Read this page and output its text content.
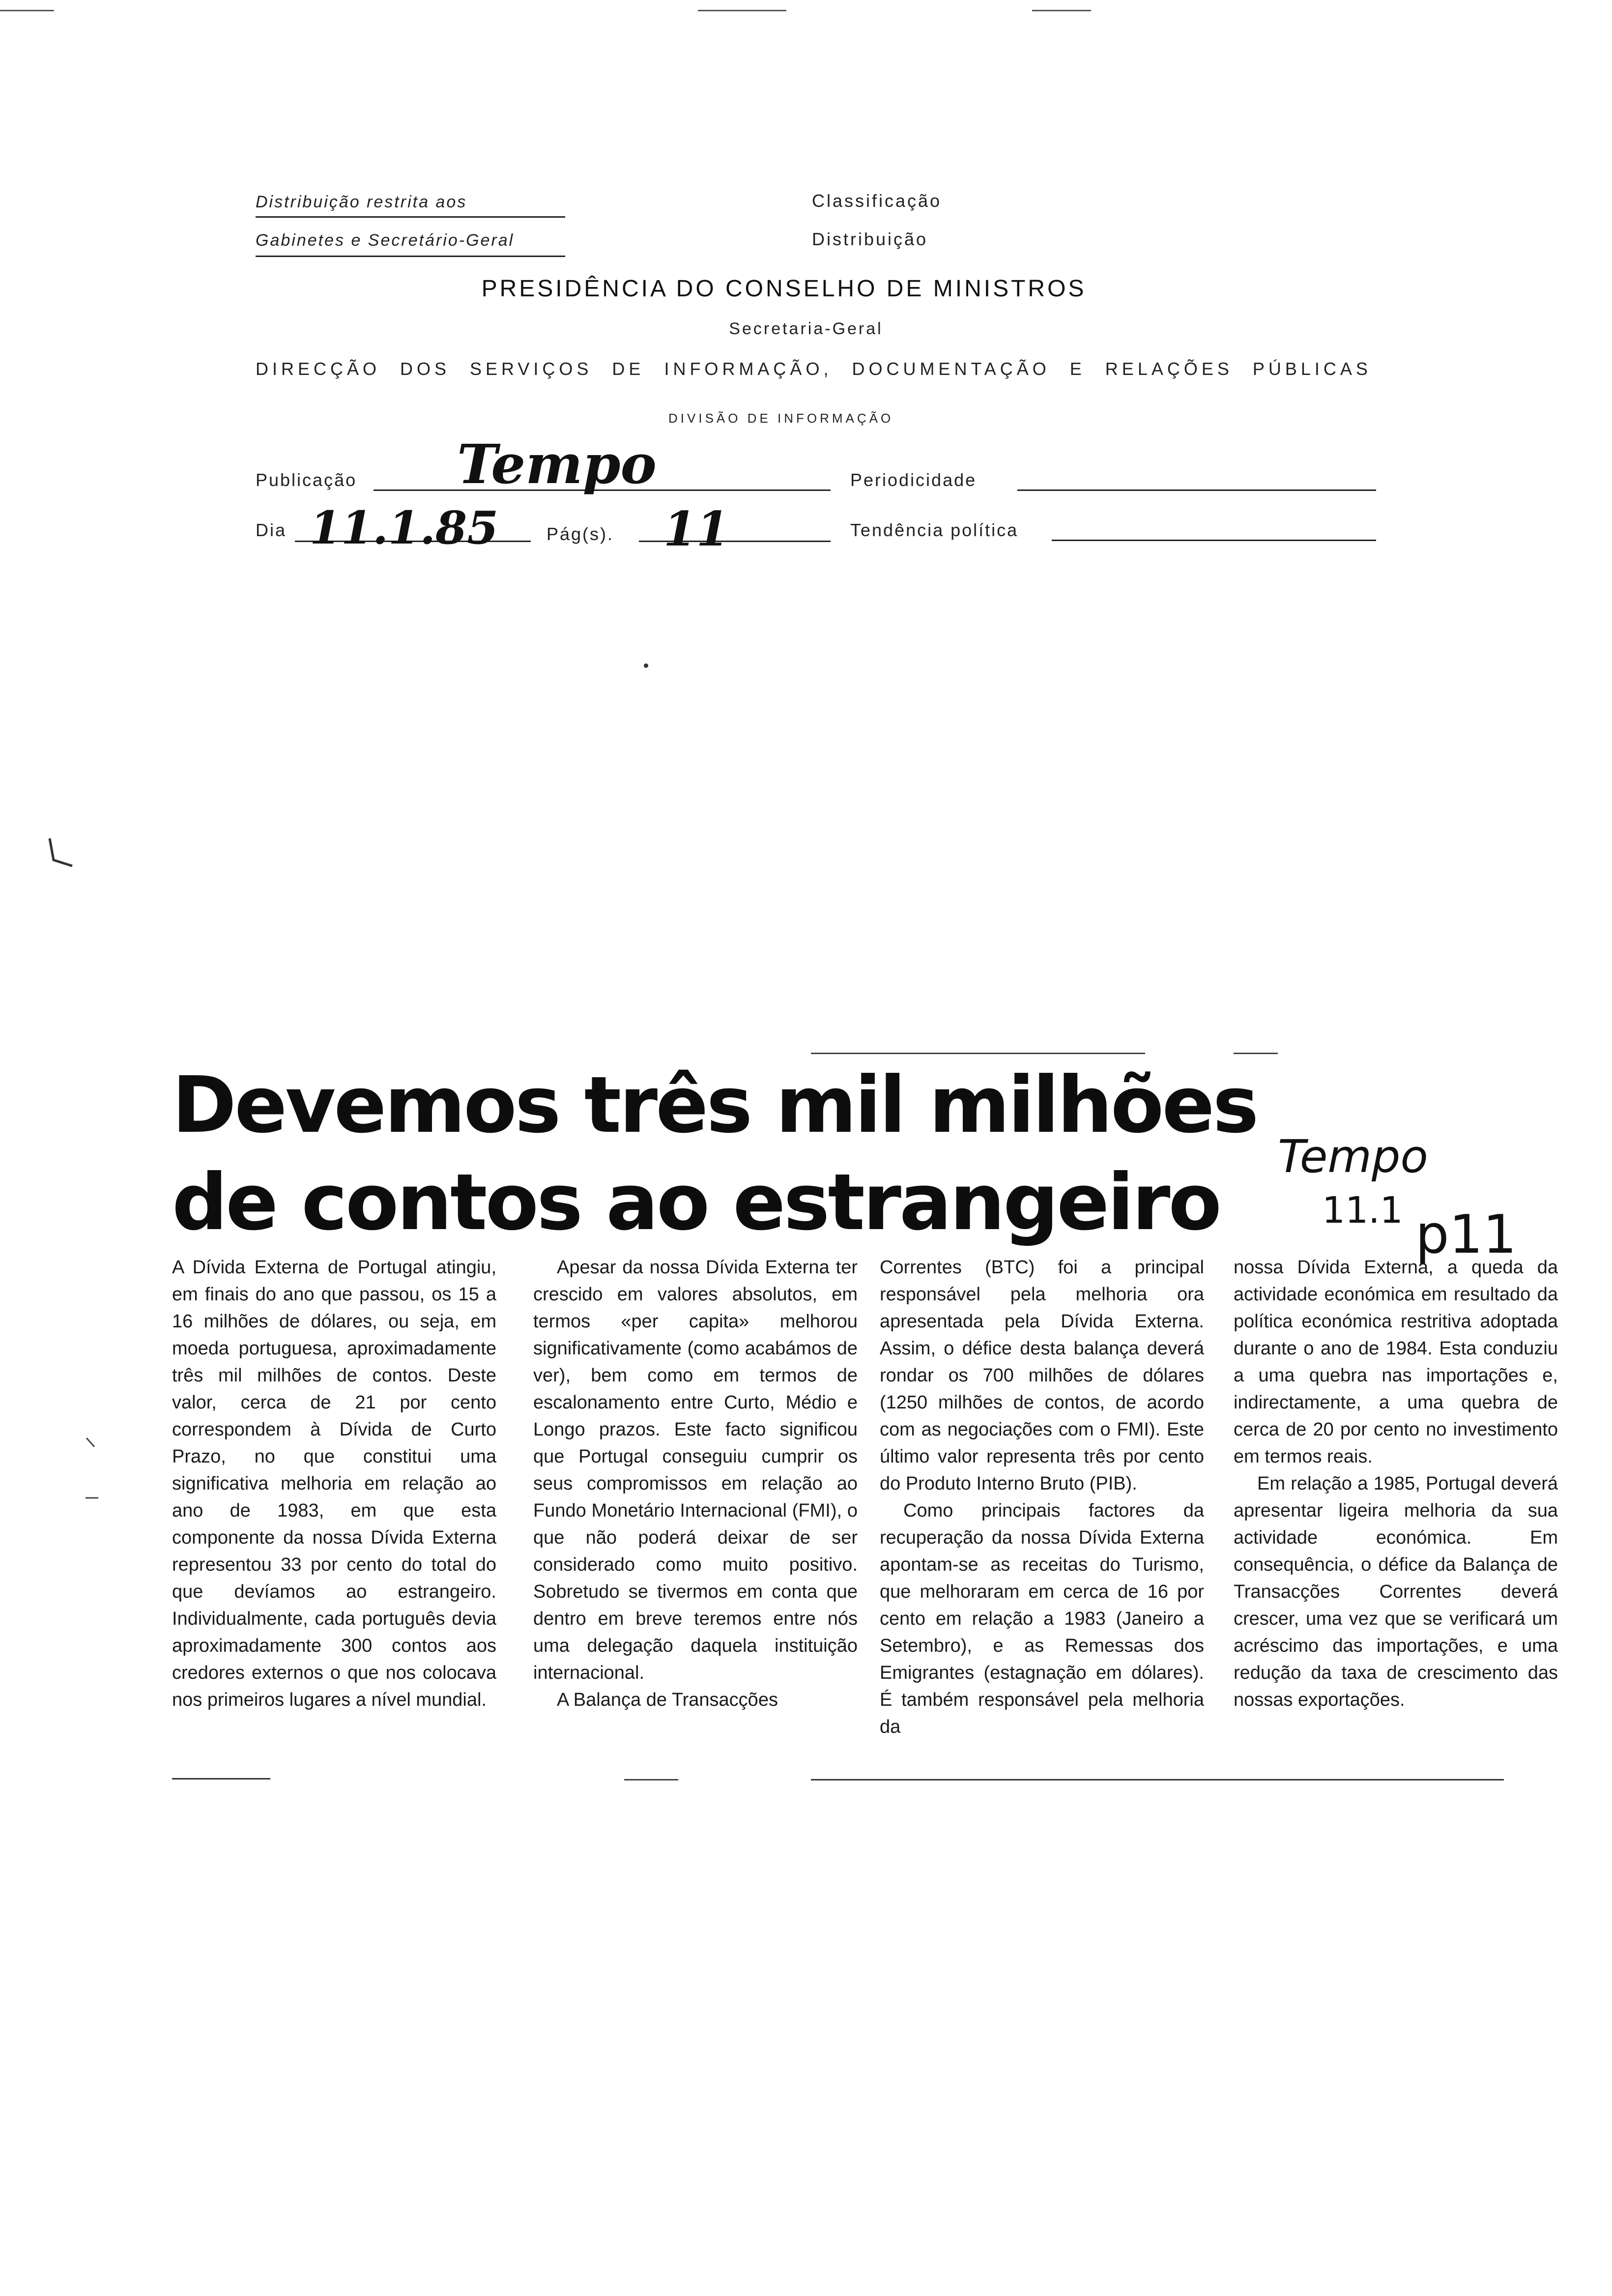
Distribuição restrita aos
Gabinetes e Secretário-Geral
Classificação
Distribuição
PRESIDÊNCIA DO CONSELHO DE MINISTROS
Secretaria-Geral
DIRECÇÃO DOS SERVIÇOS DE INFORMAÇÃO, DOCUMENTAÇÃO E RELAÇÕES PÚBLICAS
DIVISÃO DE INFORMAÇÃO
Publicação Tempo	Periodicidade
Dia 11.1.85	Pág(s). 11	Tendência política
Devemos três mil milhões
de contos ao estrangeiro
Tempo
11.1 p11

A Dívida Externa de Portugal atingiu, em finais do ano que passou, os 15 a 16 milhões de dólares, ou seja, em moeda portuguesa, aproximadamente três mil milhões de contos. Deste valor, cerca de 21 por cento correspondem à Dívida de Curto Prazo, no que constitui uma significativa melhoria em relação ao ano de 1983, em que esta componente da nossa Dívida Externa representou 33 por cento do total do que devíamos ao estrangeiro. Individualmente, cada português devia aproximadamente 300 contos aos credores externos o que nos colocava nos primeiros lugares a nível mundial.

Apesar da nossa Dívida Externa ter crescido em valores absolutos, em termos «per capita» melhorou significativamente (como acabámos de ver), bem como em termos de escalonamento entre Curto, Médio e Longo prazos. Este facto significou que Portugal conseguiu cumprir os seus compromissos em relação ao Fundo Monetário Internacional (FMI), o que não poderá deixar de ser considerado como muito positivo. Sobretudo se tivermos em conta que dentro em breve teremos entre nós uma delegação daquela instituição internacional.

A Balança de Transacções

Correntes (BTC) foi a principal responsável pela melhoria ora apresentada pela Dívida Externa. Assim, o défice desta balança deverá rondar os 700 milhões de dólares (1250 milhões de contos, de acordo com as negociações com o FMI). Este último valor representa três por cento do Produto Interno Bruto (PIB).

Como principais factores da recuperação da nossa Dívida Externa apontam-se as receitas do Turismo, que melhoraram em cerca de 16 por cento em relação a 1983 (Janeiro a Setembro), e as Remessas dos Emigrantes (estagnação em dólares). É também responsável pela melhoria da

nossa Dívida Externa, a queda da actividade económica em resultado da política económica restritiva adoptada durante o ano de 1984. Esta conduziu a uma quebra nas importações e, indirectamente, a uma quebra de cerca de 20 por cento no investimento em termos reais.

Em relação a 1985, Portugal deverá apresentar ligeira melhoria da sua actividade económica. Em consequência, o défice da Balança de Transacções Correntes deverá crescer, uma vez que se verificará um acréscimo das importações, e uma redução da taxa de crescimento das nossas exportações.
